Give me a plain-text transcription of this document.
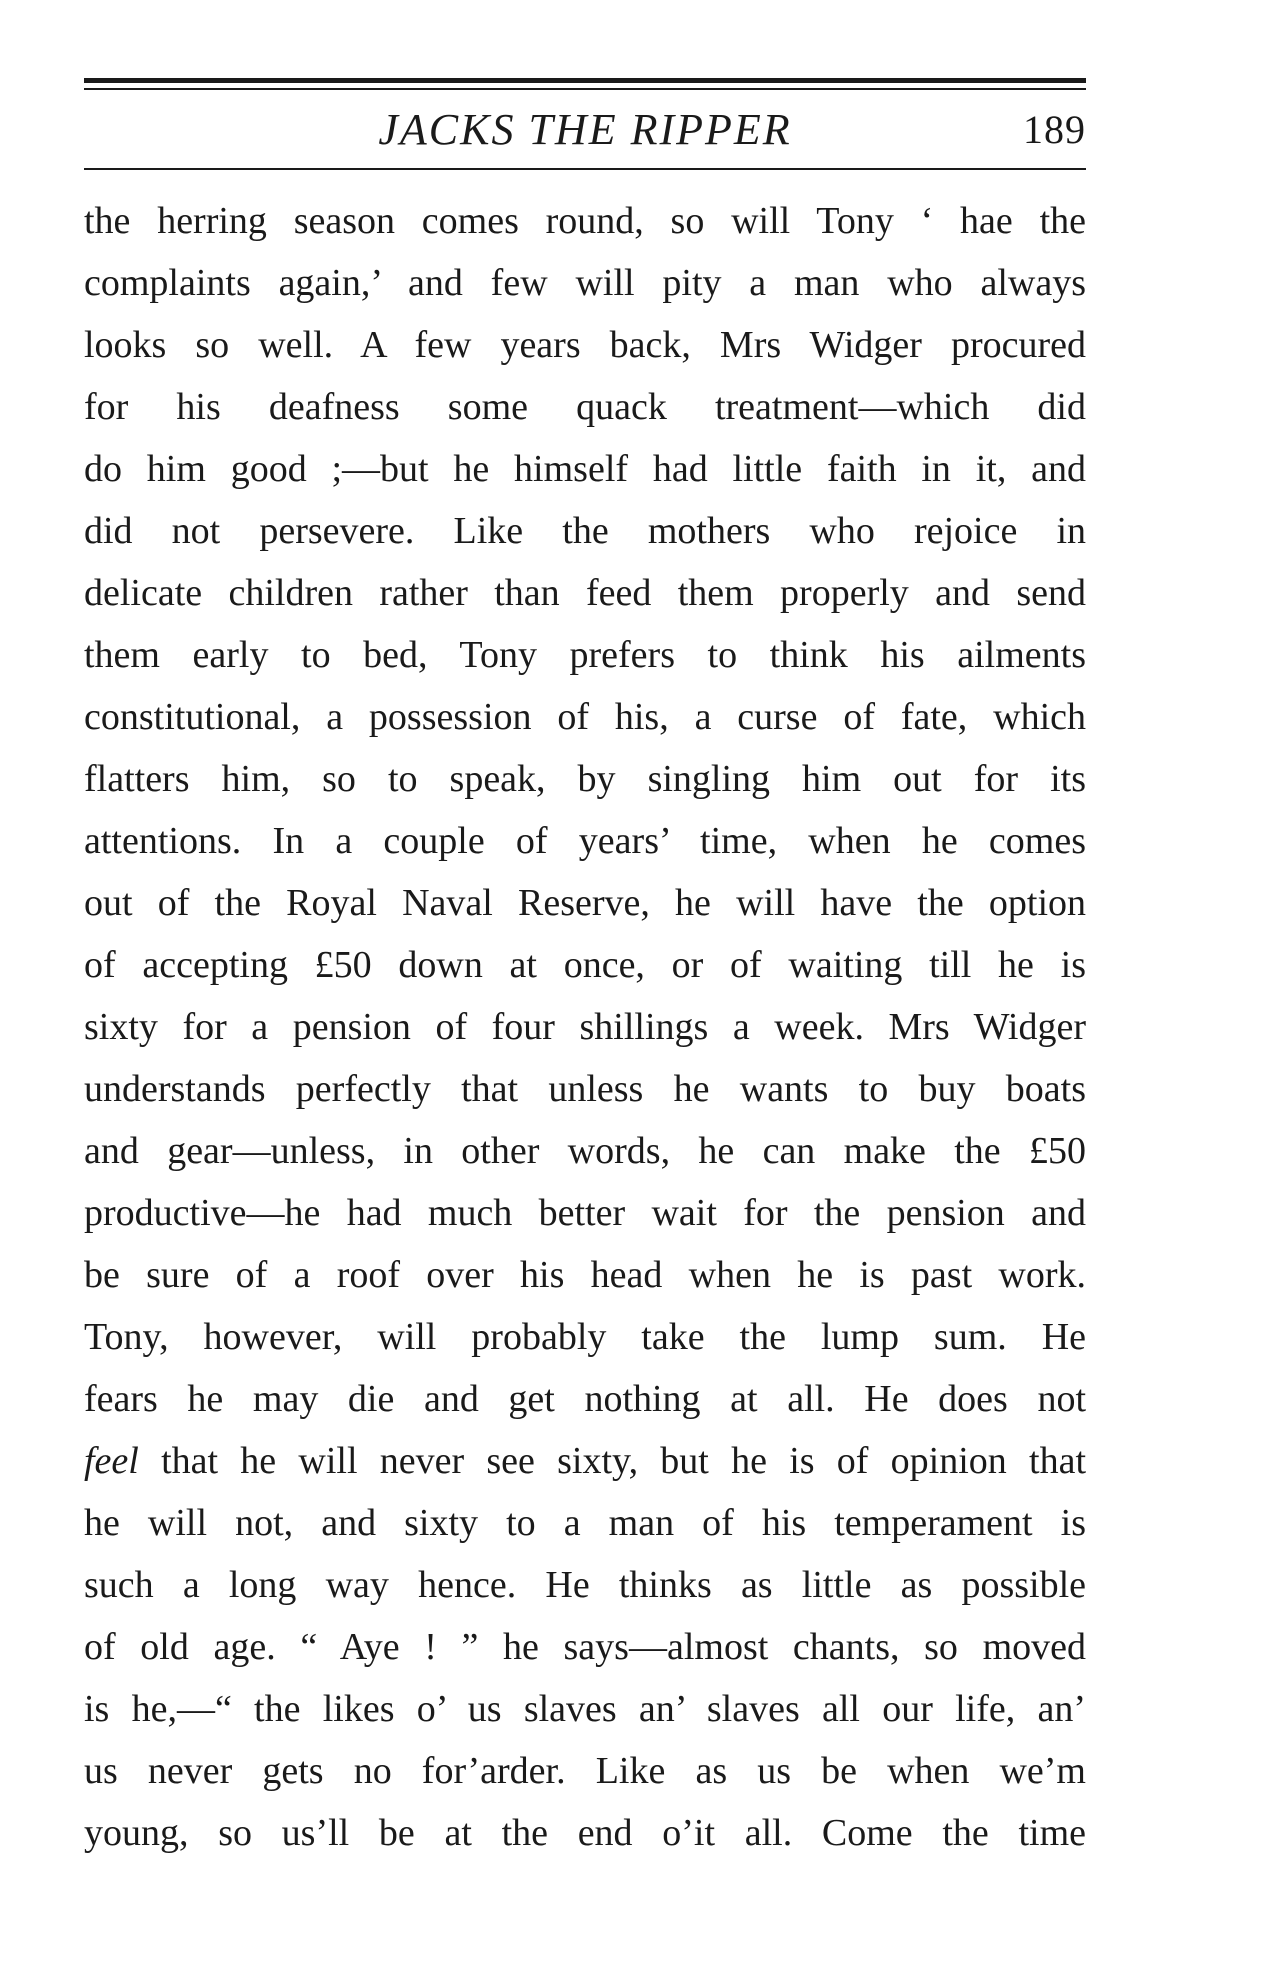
JACKS THE RIPPER	189
the herring season comes round, so will Tony ‘ hae the
complaints again,’ and few will pity a man who always
looks so well. A few years back, Mrs Widger procured
for his deafness some quack treatment—which did
do him good ;—but he himself had little faith in it, and
did not persevere. Like the mothers who rejoice in
delicate children rather than feed them properly and send
them early to bed, Tony prefers to think his ailments
constitutional, a possession of his, a curse of fate, which
flatters him, so to speak, by singling him out for its
attentions. In a couple of years’ time, when he comes
out of the Royal Naval Reserve, he will have the option
of accepting £50 down at once, or of waiting till he is
sixty for a pension of four shillings a week. Mrs Widger
understands perfectly that unless he wants to buy boats
and gear—unless, in other words, he can make the £50
productive—he had much better wait for the pension and
be sure of a roof over his head when he is past work.
Tony, however, will probably take the lump sum. He
fears he may die and get nothing at all. He does not
feel that he will never see sixty, but he is of opinion that
he will not, and sixty to a man of his temperament is
such a long way hence. He thinks as little as possible
of old age. “ Aye ! ” he says—almost chants, so moved
is he,—“ the likes o’ us slaves an’ slaves all our life, an’
us never gets no for’arder. Like as us be when we’m
young, so us’ll be at the end o’it all. Come the time
